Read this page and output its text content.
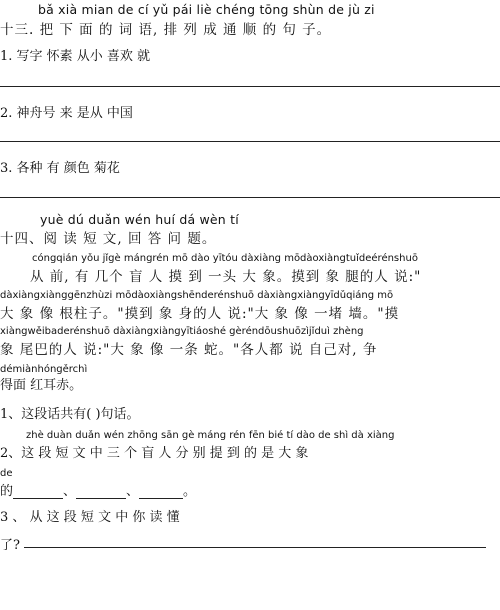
bǎ xià mian de cí yǔ pái liè chéng tōng shùn de jù zi
十三. 把 下 面 的 词 语, 排 列 成 通 顺 的 句 子。
1. 写字 怀素 从小 喜欢 就
2. 神舟号 来 是从 中国
3. 各种 有 颜色 菊花
yuè dú duǎn wén huí dá wèn tí
十四、阅 读 短 文, 回 答 问 题。
cóngqián yǒu jǐgè mángrén mō dào yītóu dàxiàng mōdàoxiàngtuǐdeérénshuō
从 前, 有 几个 盲 人 摸 到 一头 大 象。摸到 象 腿的人 说:"
dàxiàngxiànggēnzhùzi mōdàoxiàngshēnderénshuō dàxiàngxiàngyīdǔqiáng mō
大 象 像 根柱子。"摸到 象 身的人 说:"大 象 像 一堵 墙。"摸
xiàngwěibaderénshuō dàxiàngxiàngyītiáoshé gèréndōushuōzìjǐduì zhèng
象 尾巴的人 说:"大 象 像 一条 蛇。"各人都 说 自己对, 争
démiànhóngěrchì
得面 红耳赤。
1、这段话共有( )句话。
zhè duàn duǎn wén zhōng sān gè máng rén fēn bié tí dào de shì dà xiàng
2、这 段 短 文 中 三 个 盲 人 分 别 提 到 的 是 大 象
de
的	、	、	。
3 、 从 这 段 短 文 中 你 读 懂
了?
